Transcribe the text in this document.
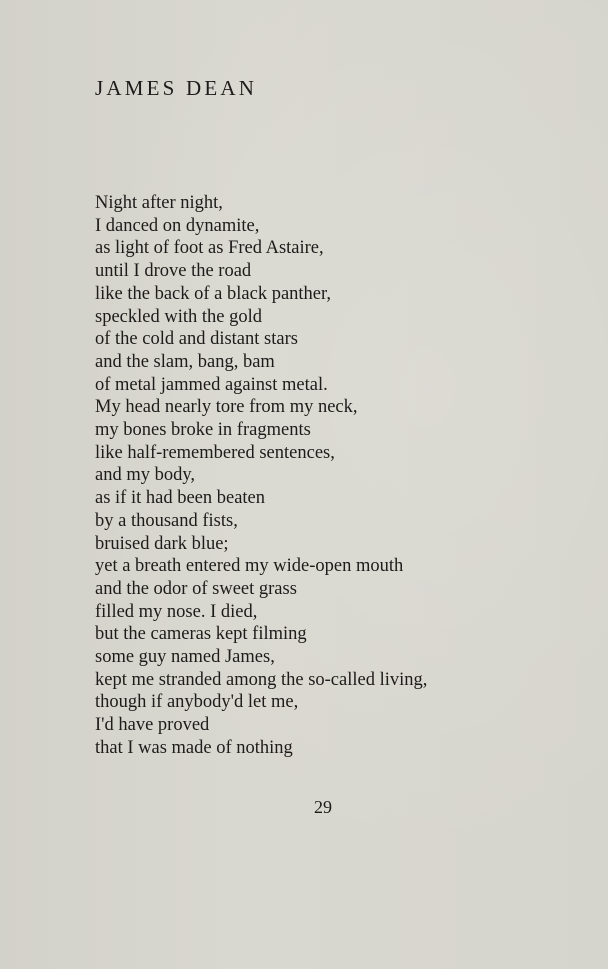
JAMES DEAN
Night after night,
I danced on dynamite,
as light of foot as Fred Astaire,
until I drove the road
like the back of a black panther,
speckled with the gold
of the cold and distant stars
and the slam, bang, bam
of metal jammed against metal.
My head nearly tore from my neck,
my bones broke in fragments
like half-remembered sentences,
and my body,
as if it had been beaten
by a thousand fists,
bruised dark blue;
yet a breath entered my wide-open mouth
and the odor of sweet grass
filled my nose. I died,
but the cameras kept filming
some guy named James,
kept me stranded among the so-called living,
though if anybody'd let me,
I'd have proved
that I was made of nothing
29
